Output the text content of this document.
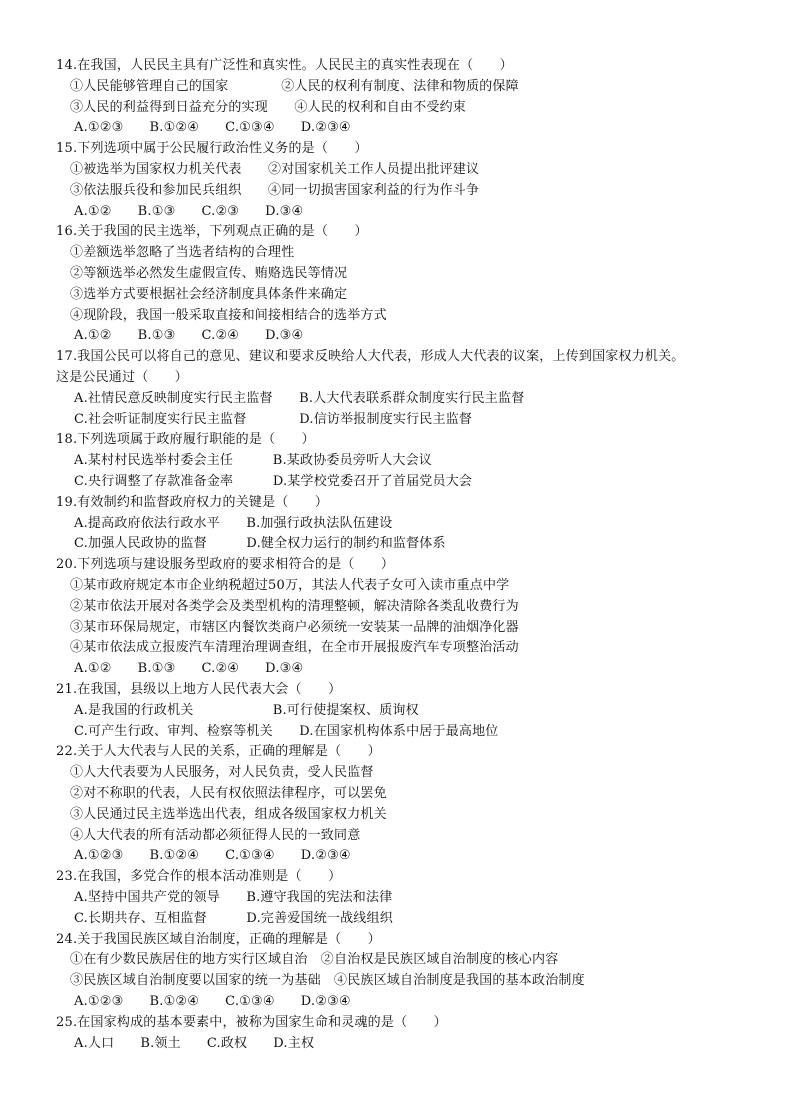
14.在我国，人民民主具有广泛性和真实性。人民民主的真实性表现在（　　）
①人民能够管理自己的国家　　　　②人民的权利有制度、法律和物质的保障
③人民的利益得到日益充分的实现　　④人民的权利和自由不受约束
A.①②③ B.①②④ C.①③④ D.②③④
15.下列选项中属于公民履行政治性义务的是（　　）
①被选举为国家权力机关代表　　②对国家机关工作人员提出批评建议
③依法服兵役和参加民兵组织　　④同一切损害国家利益的行为作斗争
A.①② B.①③ C.②③ D.③④
16.关于我国的民主选举，下列观点正确的是（　　）
①差额选举忽略了当选者结构的合理性
②等额选举必然发生虚假宣传、贿赂选民等情况
③选举方式要根据社会经济制度具体条件来确定
④现阶段，我国一般采取直接和间接相结合的选举方式
A.①② B.①③ C.②④ D.③④
17.我国公民可以将自己的意见、建议和要求反映给人大代表，形成人大代表的议案，上传到国家权力机关。
这是公民通过（　　）
A.社情民意反映制度实行民主监督　　B.人大代表联系群众制度实行民主监督
C.社会听证制度实行民主监督　　　　D.信访举报制度实行民主监督
18.下列选项属于政府履行职能的是（　　）
A.某村村民选举村委会主任　　　B.某政协委员旁听人大会议
C.央行调整了存款准备金率　　　D.某学校党委召开了首届党员大会
19.有效制约和监督政府权力的关键是（　　）
A.提高政府依法行政水平　　B.加强行政执法队伍建设
C.加强人民政协的监督　　　D.健全权力运行的制约和监督体系
20.下列选项与建设服务型政府的要求相符合的是（　　）
①某市政府规定本市企业纳税超过50万，其法人代表子女可入读市重点中学
②某市依法开展对各类学会及类型机构的清理整顿，解决清除各类乱收费行为
③某市环保局规定，市辖区内餐饮类商户必须统一安装某一品牌的油烟净化器
④某市依法成立报废汽车清理治理调查组，在全市开展报废汽车专项整治活动
A.①② B.①③ C.②④ D.③④
21.在我国，县级以上地方人民代表大会（　　）
A.是我国的行政机关　　　　　　B.可行使提案权、质询权
C.可产生行政、审判、检察等机关　　D.在国家机构体系中居于最高地位
22.关于人大代表与人民的关系，正确的理解是（　　）
①人大代表要为人民服务，对人民负责，受人民监督
②对不称职的代表，人民有权依照法律程序，可以罢免
③人民通过民主选举选出代表，组成各级国家权力机关
④人大代表的所有活动都必须征得人民的一致同意
A.①②③ B.①②④ C.①③④ D.②③④
23.在我国，多党合作的根本活动准则是（　　）
A.坚持中国共产党的领导　　B.遵守我国的宪法和法律
C.长期共存、互相监督　　　D.完善爱国统一战线组织
24.关于我国民族区域自治制度，正确的理解是（　　）
①在有少数民族居住的地方实行区域自治　②自治权是民族区域自治制度的核心内容
③民族区域自治制度要以国家的统一为基础　④民族区域自治制度是我国的基本政治制度
A.①②③ B.①②④ C.①③④ D.②③④
25.在国家构成的基本要素中，被称为国家生命和灵魂的是（　　）
A.人口 B.领土 C.政权 D.主权
